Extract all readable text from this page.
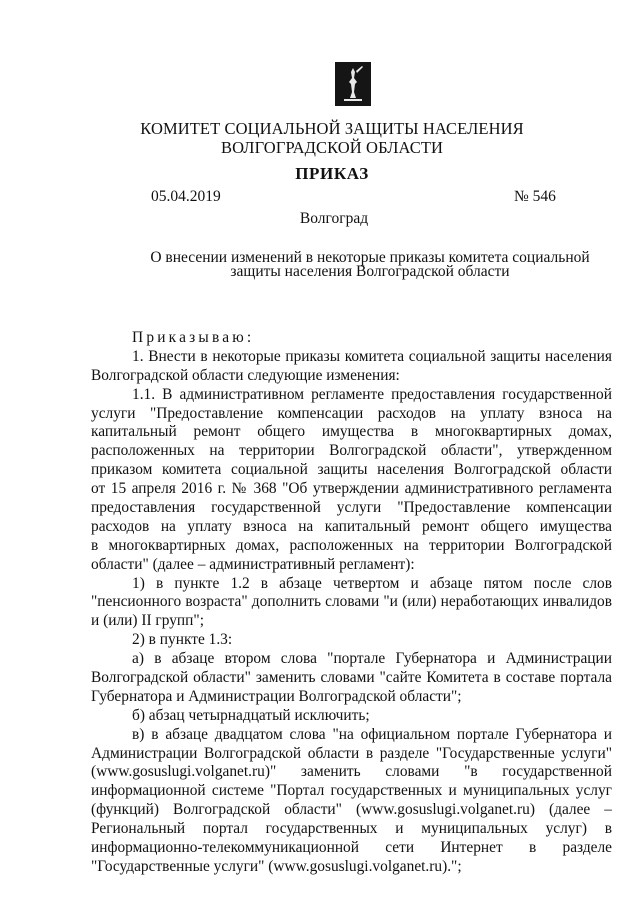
КОМИТЕТ СОЦИАЛЬНОЙ ЗАЩИТЫ НАСЕЛЕНИЯ
ВОЛГОГРАДСКОЙ ОБЛАСТИ
ПРИКАЗ
05.04.2019	№ 546
Волгоград
О внесении изменений в некоторые приказы комитета социальной
защиты населения Волгоградской области
Приказываю:
1. Внести в некоторые приказы комитета социальной защиты населения
Волгоградской области следующие изменения:
1.1. В административном регламенте предоставления государственной
услуги "Предоставление компенсации расходов на уплату взноса на
капитальный ремонт общего имущества в многоквартирных домах,
расположенных на территории Волгоградской области", утвержденном
приказом комитета социальной защиты населения Волгоградской области
от 15 апреля 2016 г. № 368 "Об утверждении административного регламента
предоставления государственной услуги "Предоставление компенсации
расходов на уплату взноса на капитальный ремонт общего имущества
в многоквартирных домах, расположенных на территории Волгоградской
области" (далее – административный регламент):
1) в пункте 1.2 в абзаце четвертом и абзаце пятом после слов
"пенсионного возраста" дополнить словами "и (или) неработающих инвалидов
и (или) II групп";
2) в пункте 1.3:
а) в абзаце втором слова "портале Губернатора и Администрации
Волгоградской области" заменить словами "сайте Комитета в составе портала
Губернатора и Администрации Волгоградской области";
б) абзац четырнадцатый исключить;
в) в абзаце двадцатом слова "на официальном портале Губернатора и
Администрации Волгоградской области в разделе "Государственные услуги"
(www.gosuslugi.volganet.ru)" заменить словами "в государственной
информационной системе "Портал государственных и муниципальных услуг
(функций) Волгоградской области" (www.gosuslugi.volganet.ru) (далее –
Региональный портал государственных и муниципальных услуг) в
информационно-телекоммуникационной сети Интернет в разделе
"Государственные услуги" (www.gosuslugi.volganet.ru).";
